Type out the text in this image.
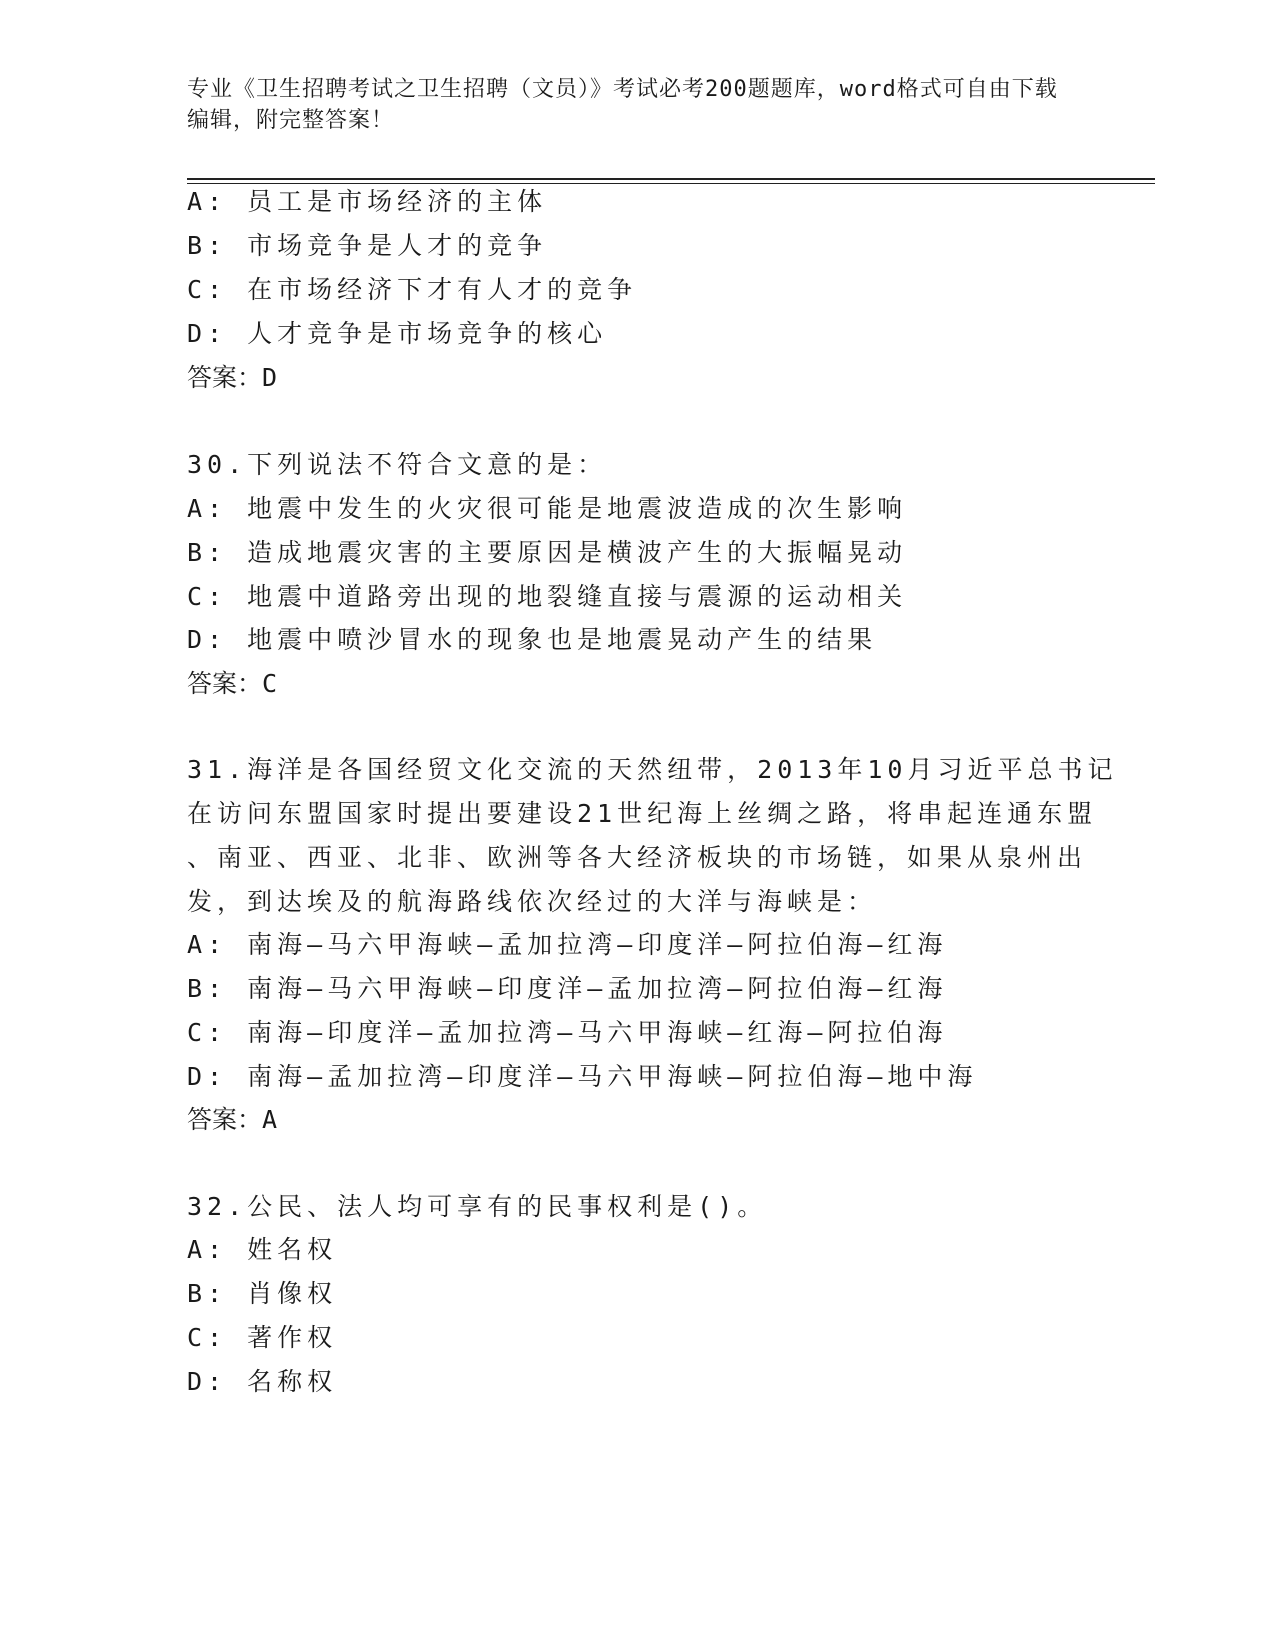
专业《卫生招聘考试之卫生招聘（文员）》考试必考200题题库，word格式可自由下载编辑，附完整答案！
A: 员工是市场经济的主体
B: 市场竞争是人才的竞争
C: 在市场经济下才有人才的竞争
D: 人才竞争是市场竞争的核心
答案：D
30.下列说法不符合文意的是：
A: 地震中发生的火灾很可能是地震波造成的次生影响
B: 造成地震灾害的主要原因是横波产生的大振幅晃动
C: 地震中道路旁出现的地裂缝直接与震源的运动相关
D: 地震中喷沙冒水的现象也是地震晃动产生的结果
答案：C
31.海洋是各国经贸文化交流的天然纽带，2013年10月习近平总书记
在访问东盟国家时提出要建设21世纪海上丝绸之路，将串起连通东盟
、南亚、西亚、北非、欧洲等各大经济板块的市场链，如果从泉州出
发，到达埃及的航海路线依次经过的大洋与海峡是：
A: 南海—马六甲海峡—孟加拉湾—印度洋—阿拉伯海—红海
B: 南海—马六甲海峡—印度洋—孟加拉湾—阿拉伯海—红海
C: 南海—印度洋—孟加拉湾—马六甲海峡—红海—阿拉伯海
D: 南海—孟加拉湾—印度洋—马六甲海峡—阿拉伯海—地中海
答案：A
32.公民、法人均可享有的民事权利是()。
A: 姓名权
B: 肖像权
C: 著作权
D: 名称权
